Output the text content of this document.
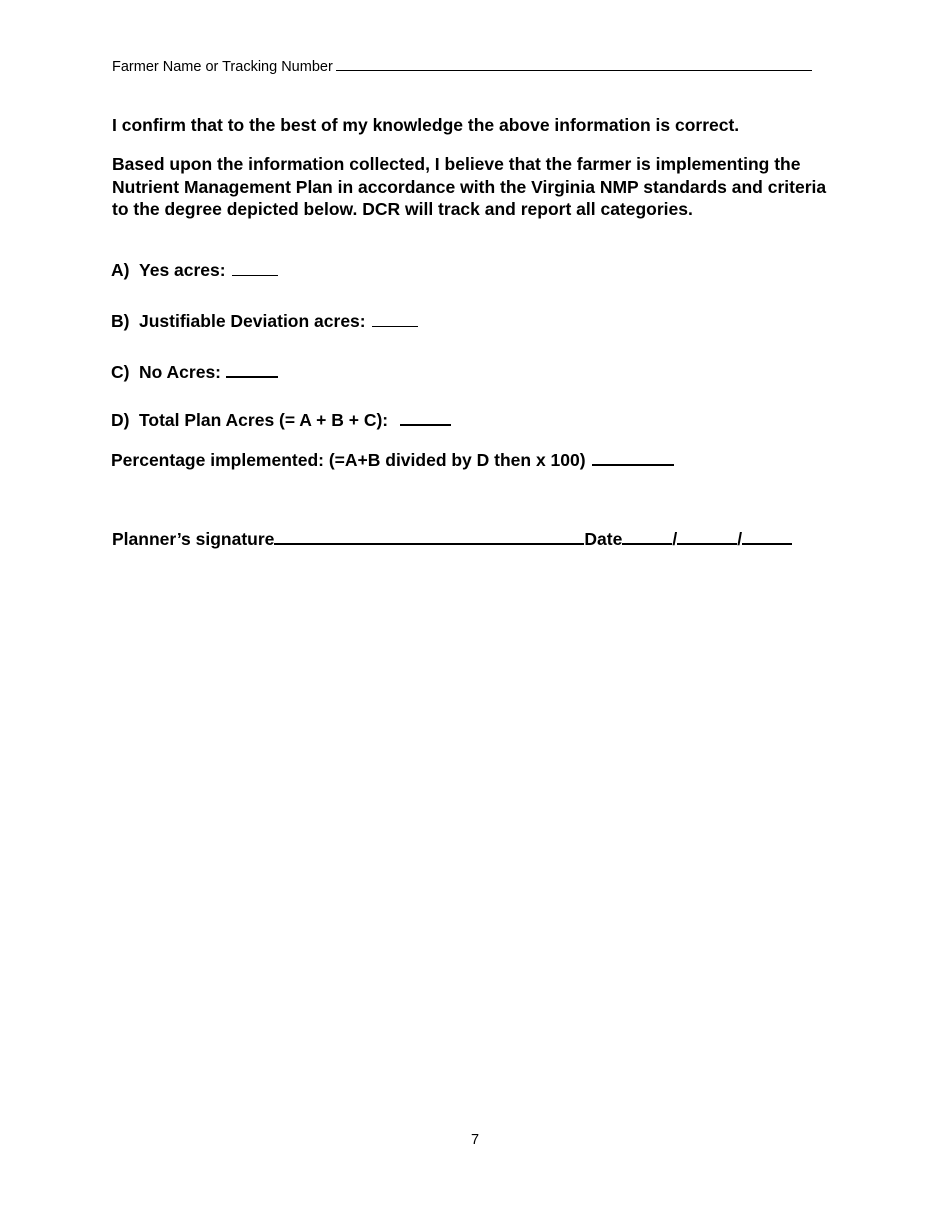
Farmer Name or Tracking Number
I confirm that to the best of my knowledge the above information is correct.
Based upon the information collected, I believe that the farmer is implementing the Nutrient Management Plan in accordance with the Virginia NMP standards and criteria to the degree depicted below. DCR will track and report all categories.
A) Yes acres:
B) Justifiable Deviation acres:
C) No Acres:
D) Total Plan Acres (= A + B + C):
Percentage implemented: (=A+B divided by D then x 100)
Planner’s signature	Date	/	/
7
